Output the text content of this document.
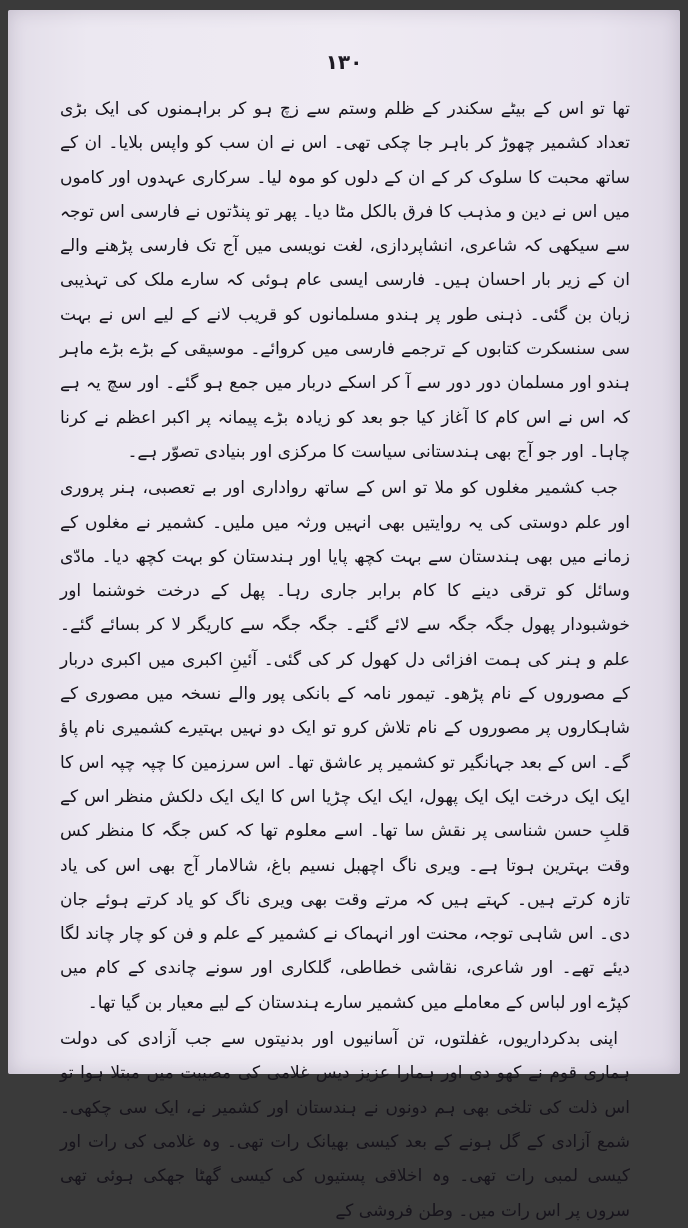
۱۳۰

تھا تو اس کے بیٹے سکندر کے ظلم وستم سے زچ ہو کر براہمنوں کی ایک بڑی تعداد کشمیر چھوڑ کر باہر جا چکی تھی۔ اس نے ان سب کو واپس بلایا۔ ان کے ساتھ محبت کا سلوک کر کے ان کے دلوں کو موہ لیا۔ سرکاری عہدوں اور کاموں میں اس نے دین و مذہب کا فرق بالکل مٹا دیا۔ پھر تو پنڈتوں نے فارسی اس توجہ سے سیکھی کہ شاعری، انشاپردازی، لغت نویسی میں آج تک فارسی پڑھنے والے ان کے زیر بار احسان ہیں۔ فارسی ایسی عام ہوئی کہ سارے ملک کی تہذیبی زبان بن گئی۔ ذہنی طور پر ہندو مسلمانوں کو قریب لانے کے لیے اس نے بہت سی سنسکرت کتابوں کے ترجمے فارسی میں کروائے۔ موسیقی کے بڑے بڑے ماہر ہندو اور مسلمان دور دور سے آ کر اسکے دربار میں جمع ہو گئے۔ اور سچ یہ ہے کہ اس نے اس کام کا آغاز کیا جو بعد کو زیادہ بڑے پیمانہ پر اکبر اعظم نے کرنا چاہا۔ اور جو آج بھی ہندستانی سیاست کا مرکزی اور بنیادی تصوّر ہے۔

جب کشمیر مغلوں کو ملا تو اس کے ساتھ رواداری اور بے تعصبی، ہنر پروری اور علم دوستی کی یہ روایتیں بھی انہیں ورثہ میں ملیں۔ کشمیر نے مغلوں کے زمانے میں بھی ہندستان سے بہت کچھ پایا اور ہندستان کو بہت کچھ دیا۔ مادّی وسائل کو ترقی دینے کا کام برابر جاری رہا۔ پھل کے درخت خوشنما اور خوشبودار پھول جگہ جگہ سے لائے گئے۔ جگہ جگہ سے کاریگر لا کر بسائے گئے۔ علم و ہنر کی ہمت افزائی دل کھول کر کی گئی۔ آئینِ اکبری میں اکبری دربار کے مصوروں کے نام پڑھو۔ تیمور نامہ کے بانکی پور والے نسخہ میں مصوری کے شاہکاروں پر مصوروں کے نام تلاش کرو تو ایک دو نہیں بہتیرے کشمیری نام پاؤ گے۔ اس کے بعد جہانگیر تو کشمیر پر عاشق تھا۔ اس سرزمین کا چپہ چپہ اس کا ایک ایک درخت ایک ایک پھول، ایک ایک چڑیا اس کا ایک ایک دلکش منظر اس کے قلبِ حسن شناسی پر نقش سا تھا۔ اسے معلوم تھا کہ کس جگہ کا منظر کس وقت بہترین ہوتا ہے۔ ویری ناگ اچھبل نسیم باغ، شالامار آج بھی اس کی یاد تازہ کرتے ہیں۔ کہتے ہیں کہ مرتے وقت بھی ویری ناگ کو یاد کرتے ہوئے جان دی۔ اس شاہی توجہ، محنت اور انہماک نے کشمیر کے علم و فن کو چار چاند لگا دیئے تھے۔ اور شاعری، نقاشی خطاطی، گلکاری اور سونے چاندی کے کام میں کپڑے اور لباس کے معاملے میں کشمیر سارے ہندستان کے لیے معیار بن گیا تھا۔

اپنی بدکرداریوں، غفلتوں، تن آسانیوں اور بدنیتوں سے جب آزادی کی دولت ہماری قوم نے کھو دی اور ہمارا عزیز دیس غلامی کی مصیبت میں مبتلا ہوا تو اس ذلت کی تلخی بھی ہم دونوں نے ہندستان اور کشمیر نے، ایک سی چکھی۔ شمع آزادی کے گل ہونے کے بعد کیسی بھیانک رات تھی۔ وہ غلامی کی رات اور کیسی لمبی رات تھی۔ وہ اخلاقی پستیوں کی کیسی گھٹا جھکی ہوئی تھی سروں پر اس رات میں۔ وطن فروشی کے
